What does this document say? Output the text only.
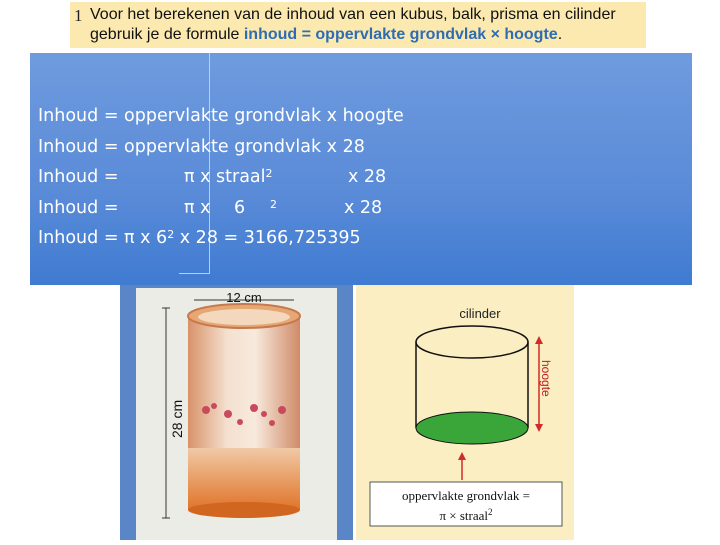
1 Voor het berekenen van de inhoud van een kubus, balk, prisma en cilinder
gebruik je de formule inhoud = oppervlakte grondvlak × hoogte.
12 cm
28 cm
cilinder
hoogte
oppervlakte grondvlak =
π × straal$^2$
Inhoud = oppervlakte grondvlak x hoogte
Inhoud = oppervlakte grondvlak x 28
Inhoud =	π x straal$^2$	x 28
Inhoud =	π x 6 $^2$	x 28
Inhoud = π x $6^2$ x 28 = 3166,725395
